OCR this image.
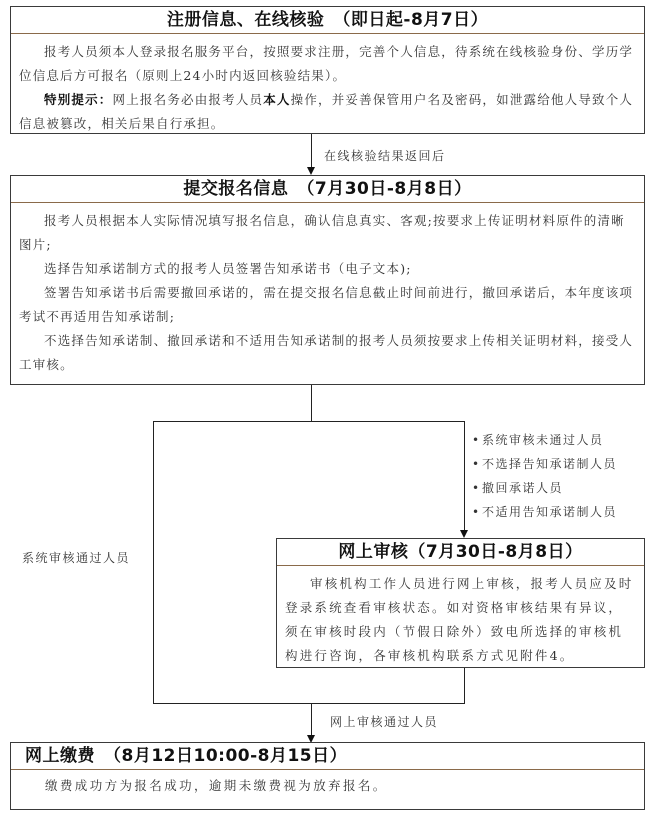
注册信息、在线核验　（即日起-8月7日）

报考人员须本人登录报名服务平台，按照要求注册，完善个人信息，待系统在线核验身份、学历学位信息后方可报名（原则上24小时内返回核验结果）。

特别提示：网上报名务必由报考人员本人操作，并妥善保管用户名及密码，如泄露给他人导致个人信息被篡改，相关后果自行承担。

在线核验结果返回后
提交报名信息　（7月30日-8月8日）

报考人员根据本人实际情况填写报名信息，确认信息真实、客观;按要求上传证明材料原件的清晰图片;

选择告知承诺制方式的报考人员签署告知承诺书（电子文本);

签署告知承诺书后需要撤回承诺的，需在提交报名信息截止时间前进行，撤回承诺后，本年度该项考试不再适用告知承诺制;

不选择告知承诺制、撤回承诺和不适用告知承诺制的报考人员须按要求上传相关证明材料，接受人工审核。

系统审核通过人员
•系统审核未通过人员
•不选择告知承诺制人员
•撤回承诺人员
•不适用告知承诺制人员
网上审核（7月30日-8月8日）

审核机构工作人员进行网上审核，报考人员应及时登录系统查看审核状态。如对资格审核结果有异议，须在审核时段内（节假日除外）致电所选择的审核机构进行咨询，各审核机构联系方式见附件4。

网上审核通过人员
网上缴费　（8月12日10:00-8月15日）

缴费成功方为报名成功，逾期未缴费视为放弃报名。
